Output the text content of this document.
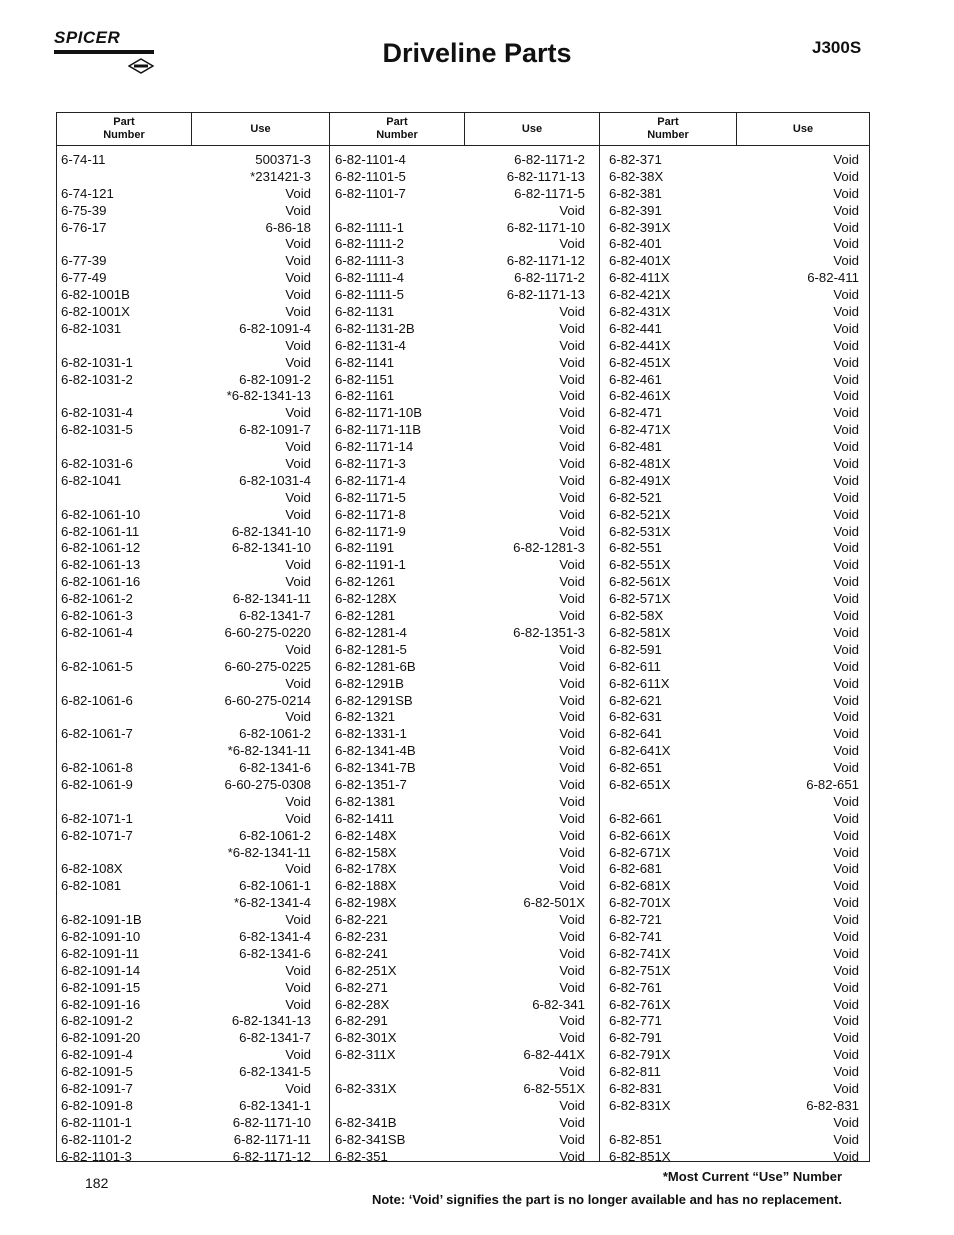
SPICER
Driveline Parts	J300S
Part
Number
Use
Part
Number
Use
Part
Number
Use
6-74-11	500371-3
*231421-3
6-74-121	Void
6-75-39	Void
6-76-17	6-86-18
Void
6-77-39	Void
6-77-49	Void
6-82-1001B	Void
6-82-1001X	Void
6-82-1031	6-82-1091-4
Void
6-82-1031-1	Void
6-82-1031-2	6-82-1091-2
*6-82-1341-13
6-82-1031-4	Void
6-82-1031-5	6-82-1091-7
Void
6-82-1031-6	Void
6-82-1041	6-82-1031-4
Void
6-82-1061-10	Void
6-82-1061-11	6-82-1341-10
6-82-1061-12	6-82-1341-10
6-82-1061-13	Void
6-82-1061-16	Void
6-82-1061-2	6-82-1341-11
6-82-1061-3	6-82-1341-7
6-82-1061-4	6-60-275-0220
Void
6-82-1061-5	6-60-275-0225
Void
6-82-1061-6	6-60-275-0214
Void
6-82-1061-7	6-82-1061-2
*6-82-1341-11
6-82-1061-8	6-82-1341-6
6-82-1061-9	6-60-275-0308
Void
6-82-1071-1	Void
6-82-1071-7	6-82-1061-2
*6-82-1341-11
6-82-108X	Void
6-82-1081	6-82-1061-1
*6-82-1341-4
6-82-1091-1B	Void
6-82-1091-10	6-82-1341-4
6-82-1091-11	6-82-1341-6
6-82-1091-14	Void
6-82-1091-15	Void
6-82-1091-16	Void
6-82-1091-2	6-82-1341-13
6-82-1091-20	6-82-1341-7
6-82-1091-4	Void
6-82-1091-5	6-82-1341-5
6-82-1091-7	Void
6-82-1091-8	6-82-1341-1
6-82-1101-1	6-82-1171-10
6-82-1101-2	6-82-1171-11
6-82-1101-3	6-82-1171-12
6-82-1101-4	6-82-1171-2
6-82-1101-5	6-82-1171-13
6-82-1101-7	6-82-1171-5
Void
6-82-1111-1	6-82-1171-10
6-82-1111-2	Void
6-82-1111-3	6-82-1171-12
6-82-1111-4	6-82-1171-2
6-82-1111-5	6-82-1171-13
6-82-1131	Void
6-82-1131-2B	Void
6-82-1131-4	Void
6-82-1141	Void
6-82-1151	Void
6-82-1161	Void
6-82-1171-10B	Void
6-82-1171-11B	Void
6-82-1171-14	Void
6-82-1171-3	Void
6-82-1171-4	Void
6-82-1171-5	Void
6-82-1171-8	Void
6-82-1171-9	Void
6-82-1191	6-82-1281-3
6-82-1191-1	Void
6-82-1261	Void
6-82-128X	Void
6-82-1281	Void
6-82-1281-4	6-82-1351-3
6-82-1281-5	Void
6-82-1281-6B	Void
6-82-1291B	Void
6-82-1291SB	Void
6-82-1321	Void
6-82-1331-1	Void
6-82-1341-4B	Void
6-82-1341-7B	Void
6-82-1351-7	Void
6-82-1381	Void
6-82-1411	Void
6-82-148X	Void
6-82-158X	Void
6-82-178X	Void
6-82-188X	Void
6-82-198X	6-82-501X
6-82-221	Void
6-82-231	Void
6-82-241	Void
6-82-251X	Void
6-82-271	Void
6-82-28X	6-82-341
6-82-291	Void
6-82-301X	Void
6-82-311X	6-82-441X
Void
6-82-331X	6-82-551X
Void
6-82-341B	Void
6-82-341SB	Void
6-82-351	Void
6-82-371	Void
6-82-38X	Void
6-82-381	Void
6-82-391	Void
6-82-391X	Void
6-82-401	Void
6-82-401X	Void
6-82-411X	6-82-411
6-82-421X	Void
6-82-431X	Void
6-82-441	Void
6-82-441X	Void
6-82-451X	Void
6-82-461	Void
6-82-461X	Void
6-82-471	Void
6-82-471X	Void
6-82-481	Void
6-82-481X	Void
6-82-491X	Void
6-82-521	Void
6-82-521X	Void
6-82-531X	Void
6-82-551	Void
6-82-551X	Void
6-82-561X	Void
6-82-571X	Void
6-82-58X	Void
6-82-581X	Void
6-82-591	Void
6-82-611	Void
6-82-611X	Void
6-82-621	Void
6-82-631	Void
6-82-641	Void
6-82-641X	Void
6-82-651	Void
6-82-651X	6-82-651
Void
6-82-661	Void
6-82-661X	Void
6-82-671X	Void
6-82-681	Void
6-82-681X	Void
6-82-701X	Void
6-82-721	Void
6-82-741	Void
6-82-741X	Void
6-82-751X	Void
6-82-761	Void
6-82-761X	Void
6-82-771	Void
6-82-791	Void
6-82-791X	Void
6-82-811	Void
6-82-831	Void
6-82-831X	6-82-831
Void
6-82-851	Void
6-82-851X	Void
182	*Most Current “Use” Number
Note: ‘Void’ signifies the part is no longer available and has no replacement.
